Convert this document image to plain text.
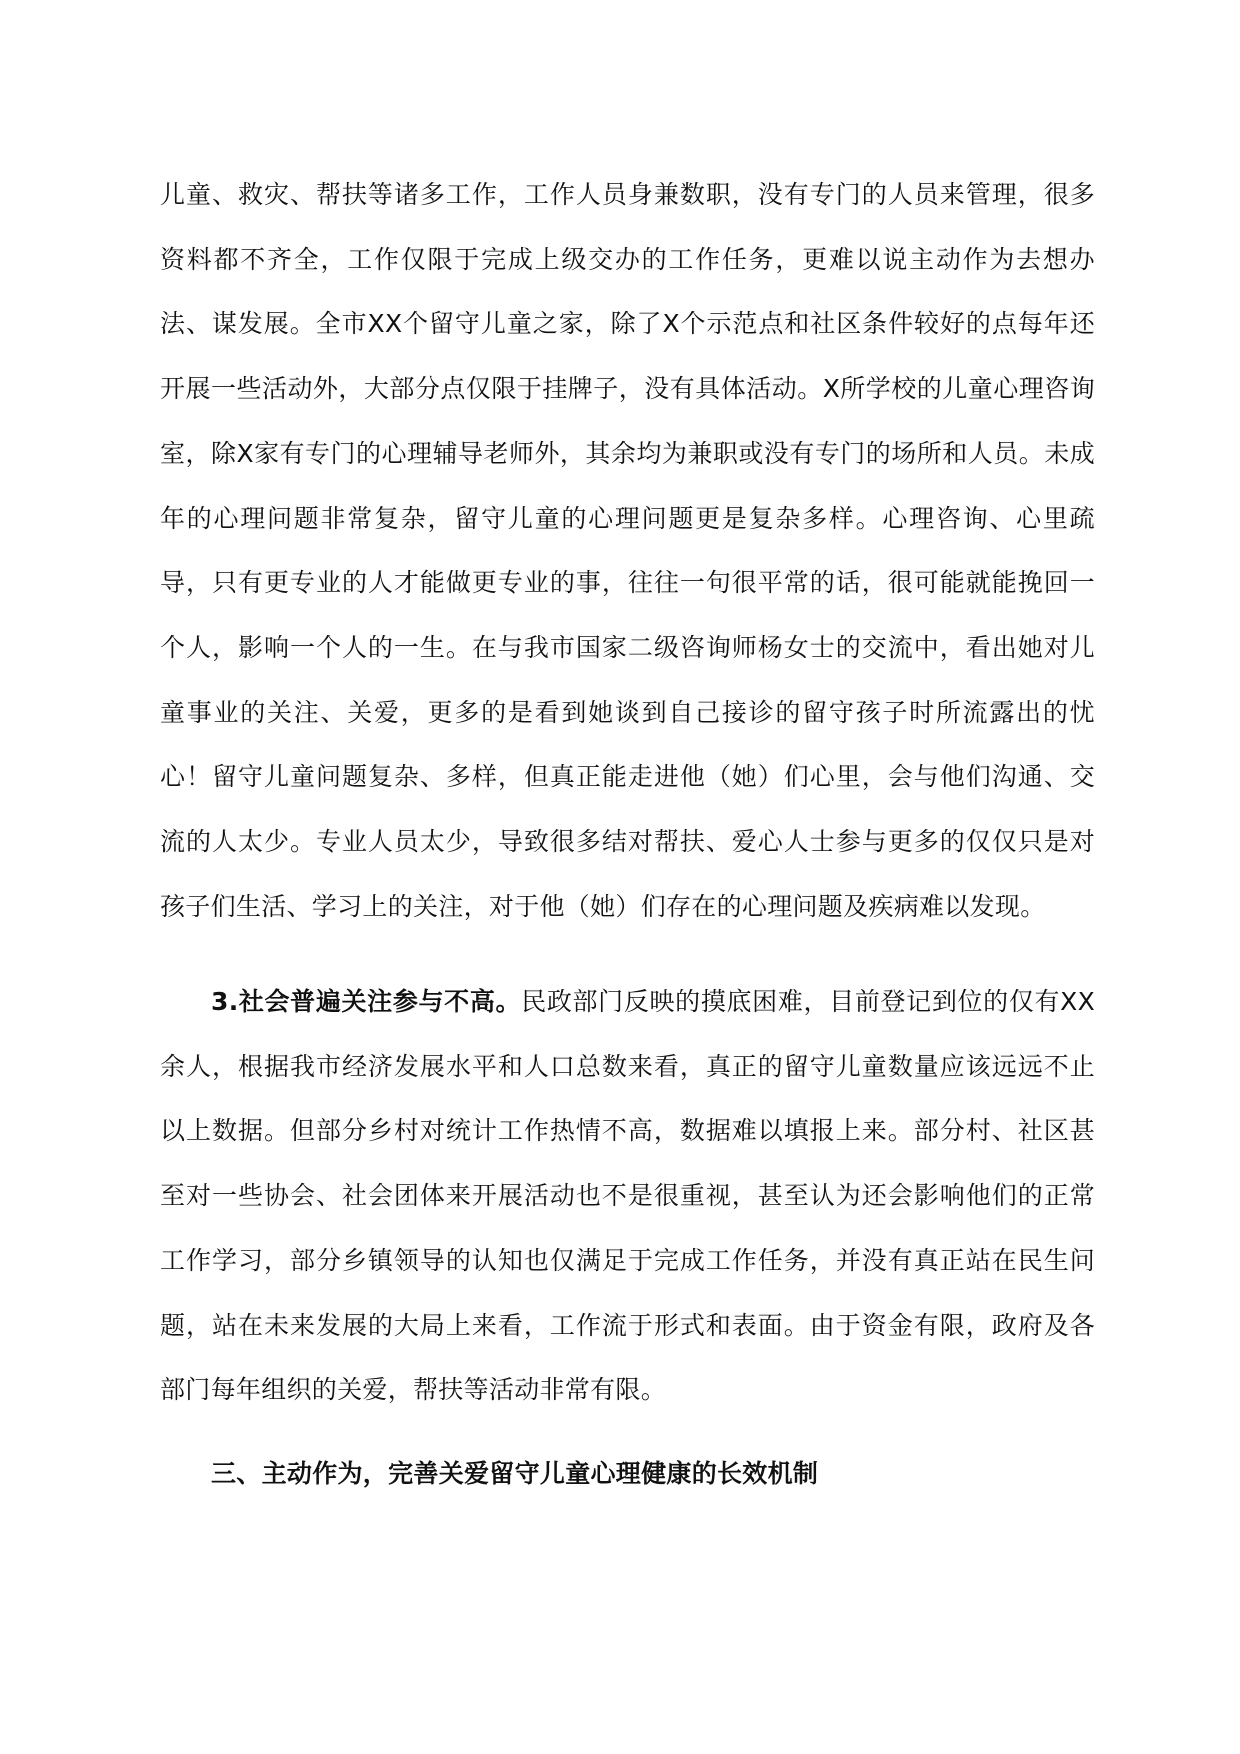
儿童、救灾、帮扶等诸多工作，工作人员身兼数职，没有专门的人员来管理，很多资料都不齐全，工作仅限于完成上级交办的工作任务，更难以说主动作为去想办法、谋发展。全市XX个留守儿童之家，除了X个示范点和社区条件较好的点每年还开展一些活动外，大部分点仅限于挂牌子，没有具体活动。X所学校的儿童心理咨询室，除X家有专门的心理辅导老师外，其余均为兼职或没有专门的场所和人员。未成年的心理问题非常复杂，留守儿童的心理问题更是复杂多样。心理咨询、心里疏导，只有更专业的人才能做更专业的事，往往一句很平常的话，很可能就能挽回一个人，影响一个人的一生。在与我市国家二级咨询师杨女士的交流中，看出她对儿童事业的关注、关爱，更多的是看到她谈到自己接诊的留守孩子时所流露出的忧心！留守儿童问题复杂、多样，但真正能走进他（她）们心里，会与他们沟通、交流的人太少。专业人员太少，导致很多结对帮扶、爱心人士参与更多的仅仅只是对孩子们生活、学习上的关注，对于他（她）们存在的心理问题及疾病难以发现。

3.社会普遍关注参与不高。民政部门反映的摸底困难，目前登记到位的仅有XX余人，根据我市经济发展水平和人口总数来看，真正的留守儿童数量应该远远不止以上数据。但部分乡村对统计工作热情不高，数据难以填报上来。部分村、社区甚至对一些协会、社会团体来开展活动也不是很重视，甚至认为还会影响他们的正常工作学习，部分乡镇领导的认知也仅满足于完成工作任务，并没有真正站在民生问题，站在未来发展的大局上来看，工作流于形式和表面。由于资金有限，政府及各部门每年组织的关爱，帮扶等活动非常有限。

三、主动作为，完善关爱留守儿童心理健康的长效机制
